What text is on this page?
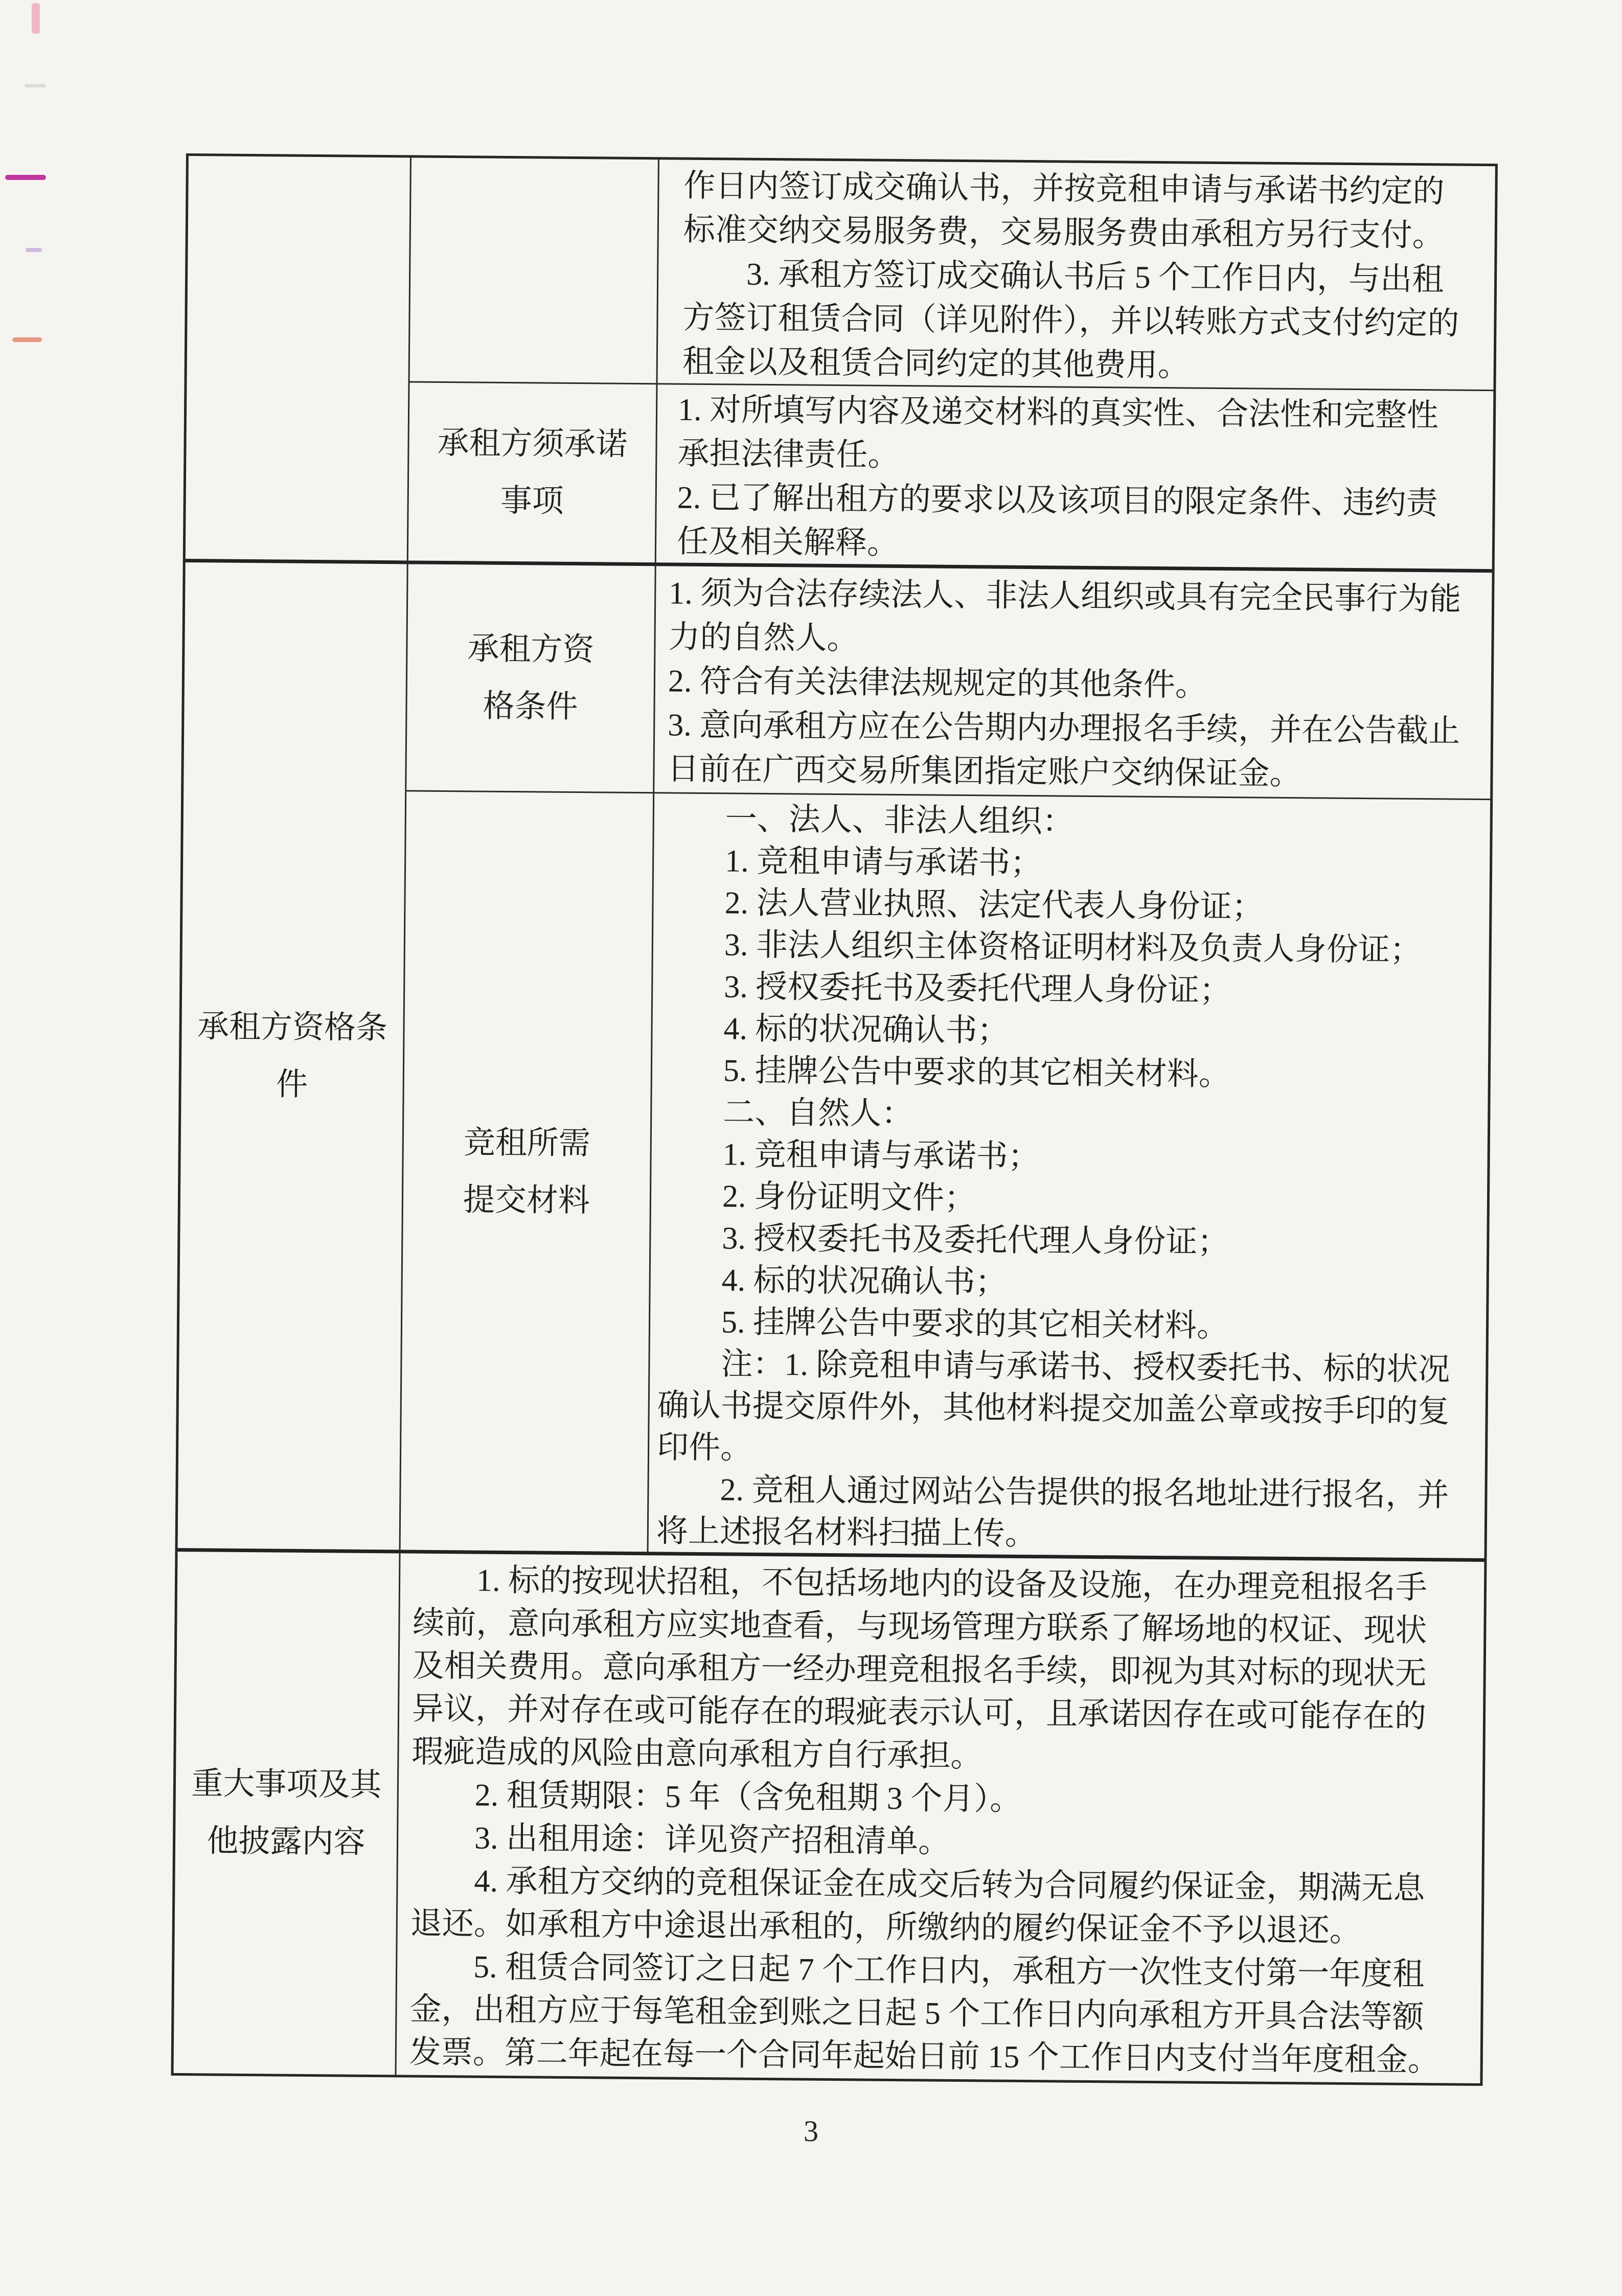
作日内签订成交确认书，并按竞租申请与承诺书约定的标准交纳交易服务费，交易服务费由承租方另行支付。

3. 承租方签订成交确认书后 5 个工作日内，与出租方签订租赁合同（详见附件），并以转账方式支付约定的租金以及租赁合同约定的其他费用。

承租方须承诺
事项

1. 对所填写内容及递交材料的真实性、合法性和完整性承担法律责任。

2. 已了解出租方的要求以及该项目的限定条件、违约责任及相关解释。

承租方资格条
件
承租方资
格条件

1. 须为合法存续法人、非法人组织或具有完全民事行为能力的自然人。

2. 符合有关法律法规规定的其他条件。

3. 意向承租方应在公告期内办理报名手续，并在公告截止日前在广西交易所集团指定账户交纳保证金。

竞租所需
提交材料

一、法人、非法人组织：

1. 竞租申请与承诺书；

2. 法人营业执照、法定代表人身份证；

3. 非法人组织主体资格证明材料及负责人身份证；

3. 授权委托书及委托代理人身份证；

4. 标的状况确认书；

5. 挂牌公告中要求的其它相关材料。

二、自然人：

1. 竞租申请与承诺书；

2. 身份证明文件；

3. 授权委托书及委托代理人身份证；

4. 标的状况确认书；

5. 挂牌公告中要求的其它相关材料。

注：1. 除竞租申请与承诺书、授权委托书、标的状况确认书提交原件外，其他材料提交加盖公章或按手印的复印件。

2. 竞租人通过网站公告提供的报名地址进行报名，并将上述报名材料扫描上传。

重大事项及其
他披露内容

1. 标的按现状招租，不包括场地内的设备及设施，在办理竞租报名手续前，意向承租方应实地查看，与现场管理方联系了解场地的权证、现状及相关费用。意向承租方一经办理竞租报名手续，即视为其对标的现状无异议，并对存在或可能存在的瑕疵表示认可，且承诺因存在或可能存在的瑕疵造成的风险由意向承租方自行承担。

2. 租赁期限：5 年（含免租期 3 个月）。

3. 出租用途：详见资产招租清单。

4. 承租方交纳的竞租保证金在成交后转为合同履约保证金，期满无息退还。如承租方中途退出承租的，所缴纳的履约保证金不予以退还。

5. 租赁合同签订之日起 7 个工作日内，承租方一次性支付第一年度租金，出租方应于每笔租金到账之日起 5 个工作日内向承租方开具合法等额发票。第二年起在每一个合同年起始日前 15 个工作日内支付当年度租金。

3
